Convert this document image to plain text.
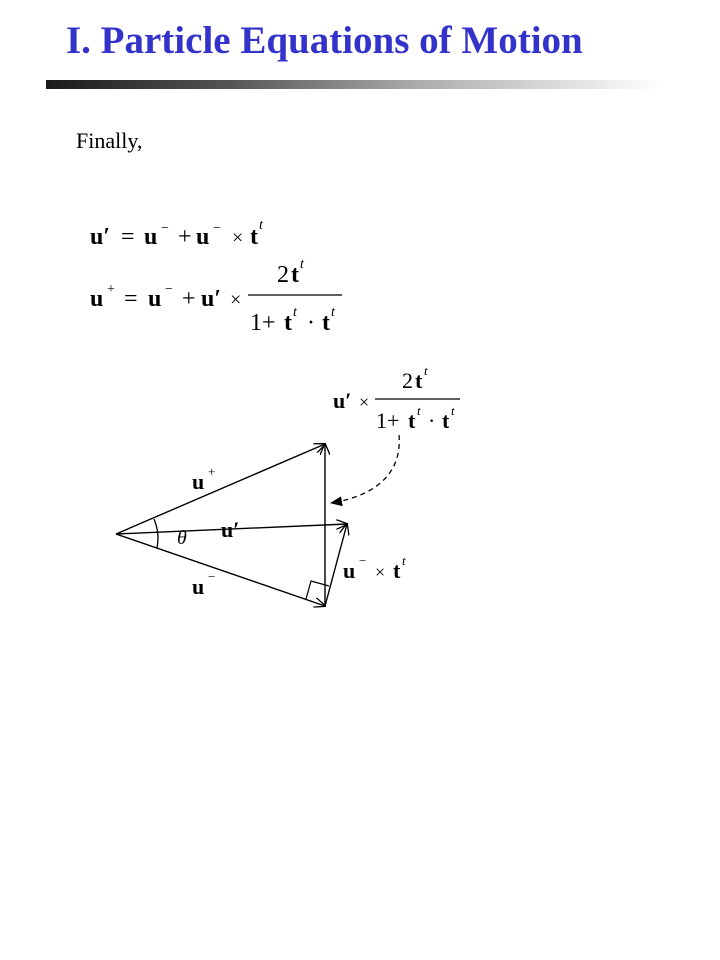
I. Particle Equations of Motion
Finally,
u′ = u − + u − × t t
u + = u − + u′ ×
2 t t
1 + t t · t t
u′ ×
2 t t
1 + t t · t t
u +
u′
θ
u −	u −
× t t
